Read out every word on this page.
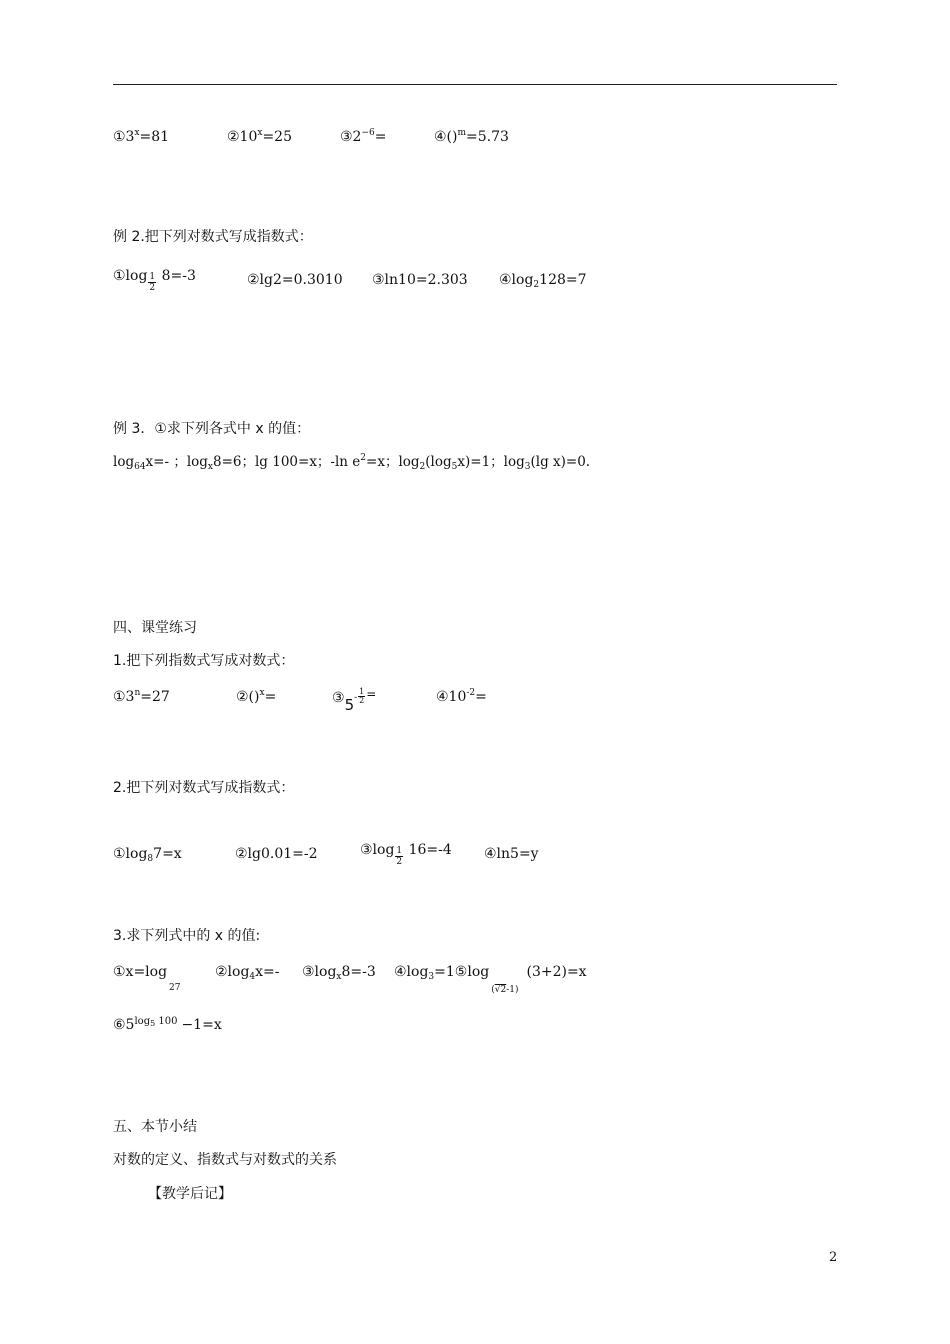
$①3^x=81$	$②10^x=25$	$③2^{-6}=$	④()$^m$=5.73
例 2.把下列对数式写成指数式：
①log $\frac{1}{2} 8=-3$	②lg2=0.3010 ③ln10=2.303 $④\log_2128=7$
例 3．①求下列各式中 x 的值：
$\log_{64}x=-$ ；$\log_x8=6$；lg 100=x；-ln $e^2=x$；$\log_2(\log_5x)=1$；$\log_3(\lg$ x)=0.
四、课堂练习
1.把下列指数式写成对数式：
$①3^n=27$	②()$^x$=	③5- $\frac{1}{2}$ =	$④10^{-2}=$
2.把下列对数式写成指数式：
$①\log_87=x$	②lg0.01=-2	③log $\frac{1}{2} 16=-4$ ④ln5=y
3.求下列式中的 x 的值:
$①x=\log_{27}$
$②\log_4x=-$ $③\log_x8=-3$ $④\log_3=1⑤\log_{(√2-1)}(3+2)=x$
$⑥5^{log_5 100} -1=x$
五、本节小结
对数的定义、指数式与对数式的关系
【教学后记】
2
